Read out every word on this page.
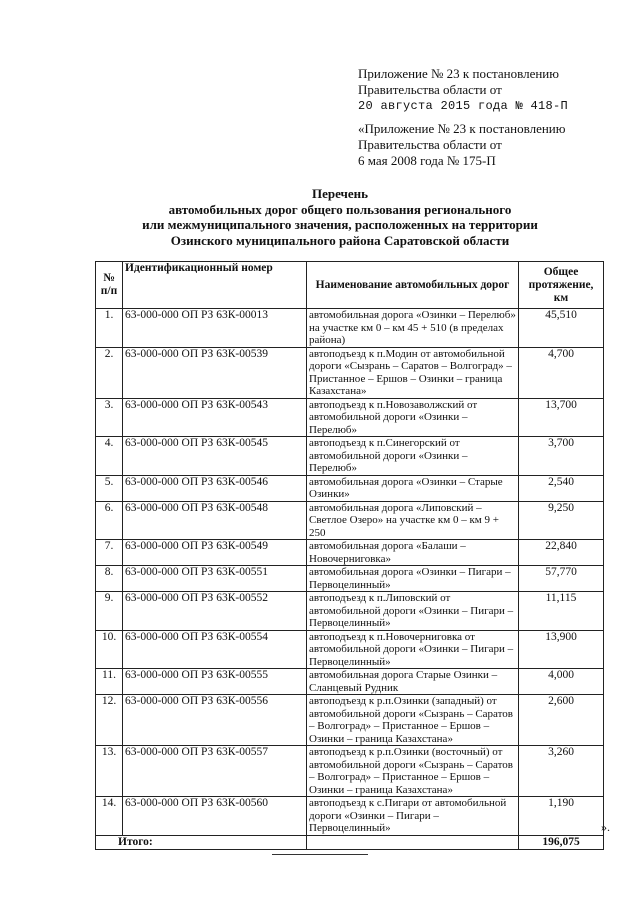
Приложение № 23 к постановлению
Правительства области от
20 августа 2015 года № 418-П
«Приложение № 23 к постановлению
Правительства области от
6 мая 2008 года № 175-П
Перечень
автомобильных дорог общего пользования регионального
или межмуниципального значения, расположенных на территории
Озинского муниципального района Саратовской области
№ п/п	Идентификационный номер	Наименование автомобильных дорог	Общее протяжение, км
1.	63-000-000 ОП РЗ 63К-00013	автомобильная дорога «Озинки – Перелюб» на участке км 0 – км 45 + 510 (в пределах района)	45,510
2.	63-000-000 ОП РЗ 63К-00539	автоподъезд к п.Модин от автомобильной дороги «Сызрань – Саратов – Волгоград» – Пристанное – Ершов – Озинки – граница Казахстана»	4,700
3.	63-000-000 ОП РЗ 63К-00543	автоподъезд к п.Новозаволжский от автомобильной дороги «Озинки – Перелюб»	13,700
4.	63-000-000 ОП РЗ 63К-00545	автоподъезд к п.Синегорский от автомобильной дороги «Озинки – Перелюб»	3,700
5.	63-000-000 ОП РЗ 63К-00546	автомобильная дорога «Озинки – Старые Озинки»	2,540
6.	63-000-000 ОП РЗ 63К-00548	автомобильная дорога «Липовский – Светлое Озеро» на участке км 0 – км 9 + 250	9,250
7.	63-000-000 ОП РЗ 63К-00549	автомобильная дорога «Балаши – Новочерниговка»	22,840
8.	63-000-000 ОП РЗ 63К-00551	автомобильная дорога «Озинки – Пигари – Первоцелинный»	57,770
9.	63-000-000 ОП РЗ 63К-00552	автоподъезд к п.Липовский от автомобильной дороги «Озинки – Пигари – Первоцелинный»	11,115
10.	63-000-000 ОП РЗ 63К-00554	автоподъезд к п.Новочерниговка от автомобильной дороги «Озинки – Пигари – Первоцелинный»	13,900
11.	63-000-000 ОП РЗ 63К-00555	автомобильная дорога Старые Озинки – Сланцевый Рудник	4,000
12.	63-000-000 ОП РЗ 63К-00556	автоподъезд к р.п.Озинки (западный) от автомобильной дороги «Сызрань – Саратов – Волгоград» – Пристанное – Ершов – Озинки – граница Казахстана»	2,600
13.	63-000-000 ОП РЗ 63К-00557	автоподъезд к р.п.Озинки (восточный) от автомобильной дороги «Сызрань – Саратов – Волгоград» – Пристанное – Ершов – Озинки – граница Казахстана»	3,260
14.	63-000-000 ОП РЗ 63К-00560	автоподъезд к с.Пигари от автомобильной дороги «Озинки – Пигари – Первоцелинный»	1,190
Итого:			196,075
».
